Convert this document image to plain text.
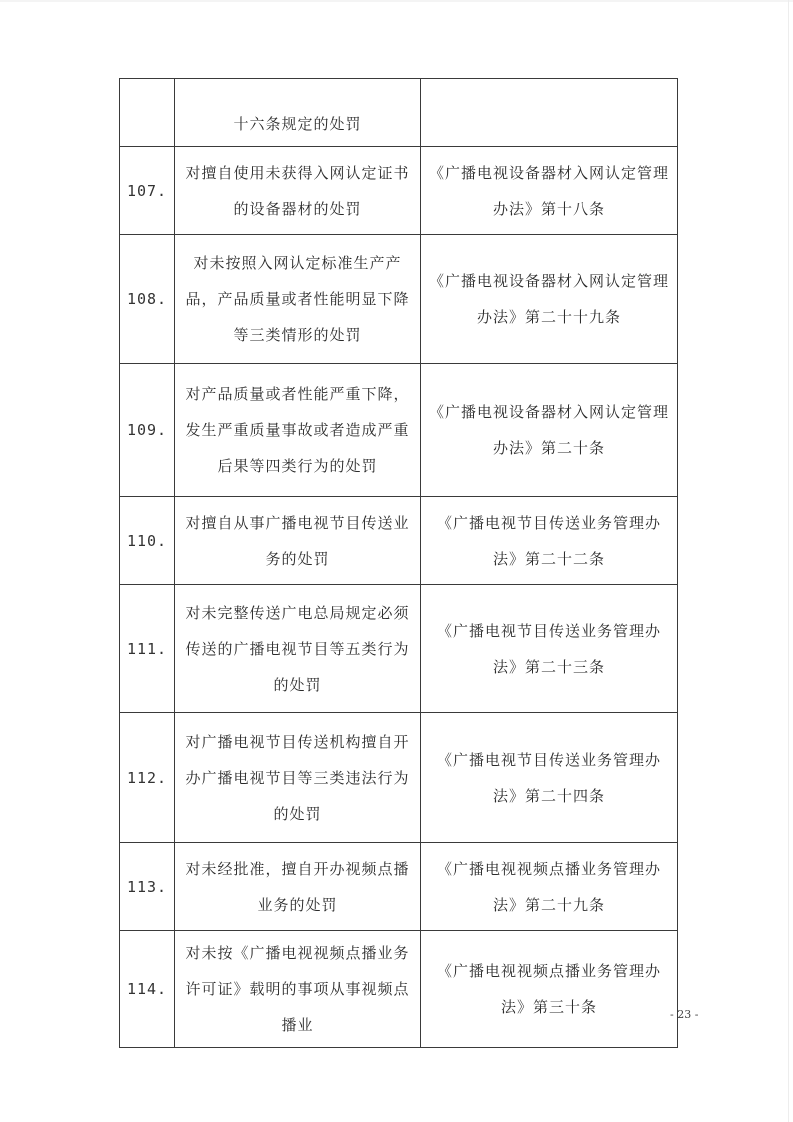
	十六条规定的处罚	
107.	对擅自使用未获得入网认定证书的设备器材的处罚	《广播电视设备器材入网认定管理办法》第十八条
108.	对未按照入网认定标准生产产品，产品质量或者性能明显下降等三类情形的处罚	《广播电视设备器材入网认定管理办法》第二十十九条
109.	对产品质量或者性能严重下降，发生严重质量事故或者造成严重后果等四类行为的处罚	《广播电视设备器材入网认定管理办法》第二十条
110.	对擅自从事广播电视节目传送业务的处罚	《广播电视节目传送业务管理办法》第二十二条
111.	对未完整传送广电总局规定必须传送的广播电视节目等五类行为的处罚	《广播电视节目传送业务管理办法》第二十三条
112.	对广播电视节目传送机构擅自开办广播电视节目等三类违法行为的处罚	《广播电视节目传送业务管理办法》第二十四条
113.	对未经批准，擅自开办视频点播业务的处罚	《广播电视视频点播业务管理办法》第二十九条
114.	对未按《广播电视视频点播业务许可证》载明的事项从事视频点播业	《广播电视视频点播业务管理办法》第三十条	- 23 -
